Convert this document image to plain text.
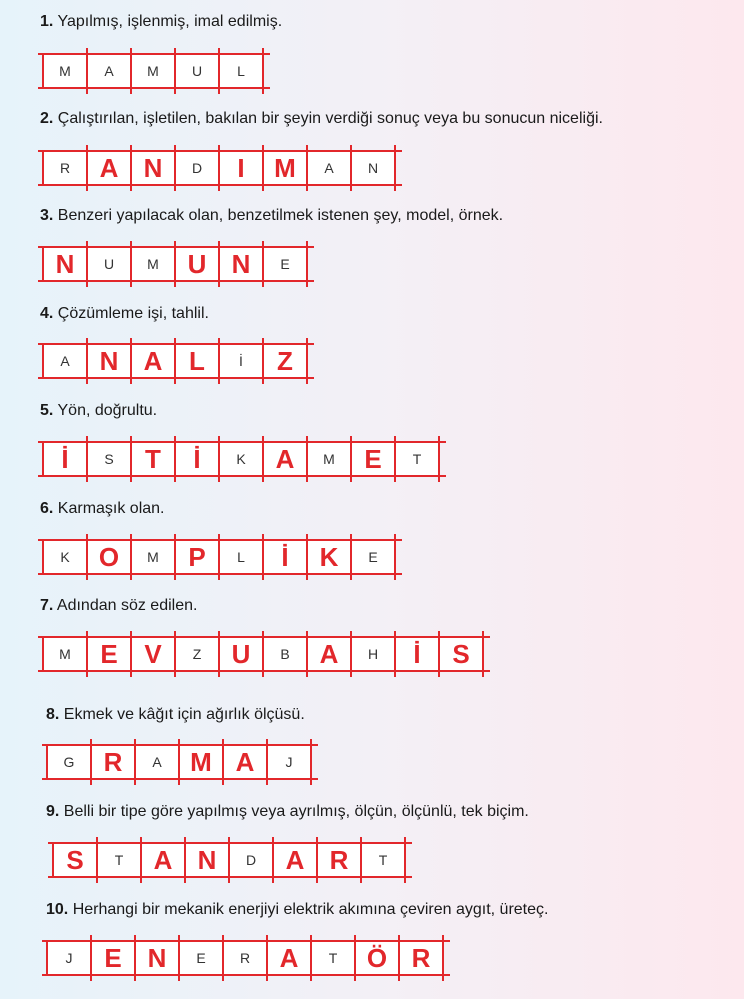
1. Yapılmış, işlenmiş, imal edilmiş.
M A M U	L
2. Çalıştırılan, işletilen, bakılan bir şeyin verdiği sonuç veya bu sonucun niceliği.
R A N D I M A N
3. Benzeri yapılacak olan, benzetilmek istenen şey, model, örnek.
N U M U N E
4. Çözümleme işi, tahlil.
A N A L İ Z
5. Yön, doğrultu.
İ	S T İ	K A M E T
6. Karmaşık olan.
K O M P L İ K E
7. Adından söz edilen.
M E V Z U B A H İ S
8. Ekmek ve kâğıt için ağırlık ölçüsü.
G R A M A J
9. Belli bir tipe göre yapılmış veya ayrılmış, ölçün, ölçünlü, tek biçim.
S T A N D A R T
10. Herhangi bir mekanik enerjiyi elektrik akımına çeviren aygıt, üreteç.
J E N E R A T Ö R
